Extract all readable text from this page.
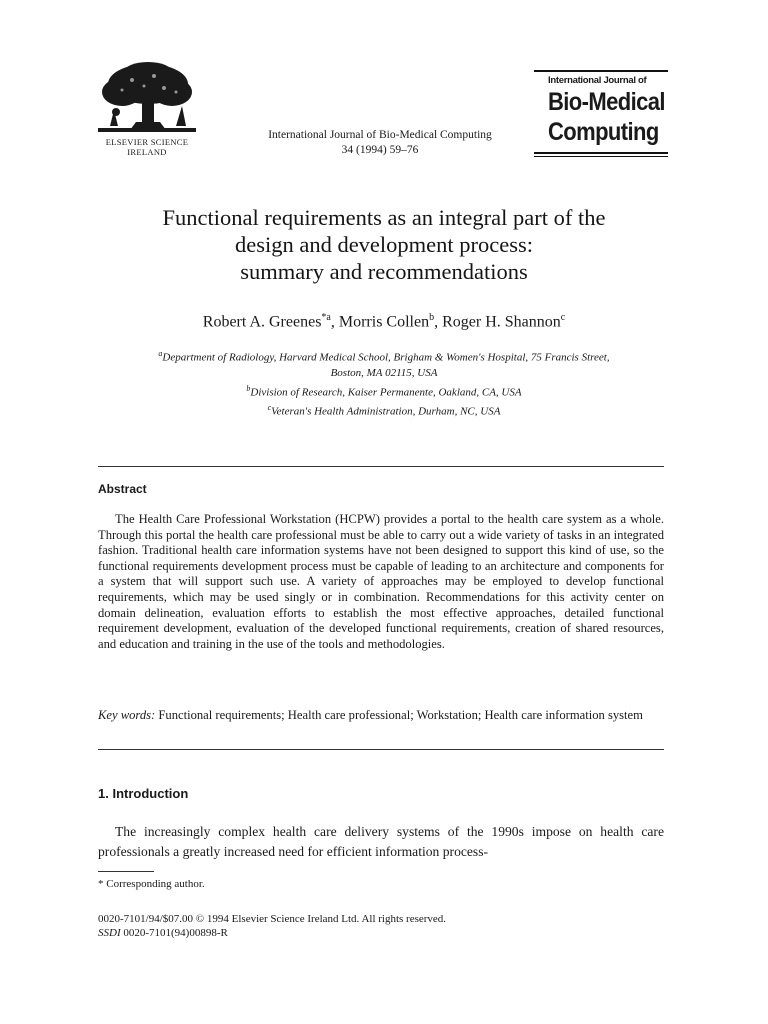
ELSEVIER SCIENCE
IRELAND
International Journal of Bio-Medical Computing
34 (1994) 59–76
International Journal of
Bio-Medical
Computing
Functional requirements as an integral part of the
design and development process:
summary and recommendations
Robert A. Greenes$^{*a}$, Morris Collen$^b$, Roger H. Shannon$^c$
$^a$Department of Radiology, Harvard Medical School, Brigham & Women's Hospital, 75 Francis Street,
Boston, MA 02115, USA
$^b$Division of Research, Kaiser Permanente, Oakland, CA, USA
$^c$Veteran's Health Administration, Durham, NC, USA
Abstract
The Health Care Professional Workstation (HCPW) provides a portal to the health care system as a whole. Through this portal the health care professional must be able to carry out a wide variety of tasks in an integrated fashion. Traditional health care information systems have not been designed to support this kind of use, so the functional requirements development process must be capable of leading to an architecture and components for a system that will support such use. A variety of approaches may be employed to develop functional requirements, which may be used singly or in combination. Recommendations for this activity center on domain delineation, evaluation efforts to establish the most effective approaches, detailed functional requirement development, evaluation of the developed functional requirements, creation of shared resources, and education and training in the use of the tools and methodologies.
Key words: Functional requirements; Health care professional; Workstation; Health care information system
1. Introduction
The increasingly complex health care delivery systems of the 1990s impose on health care professionals a greatly increased need for efficient information process-
* Corresponding author.
0020-7101/94/$07.00 © 1994 Elsevier Science Ireland Ltd. All rights reserved.
SSDI 0020-7101(94)00898-R
